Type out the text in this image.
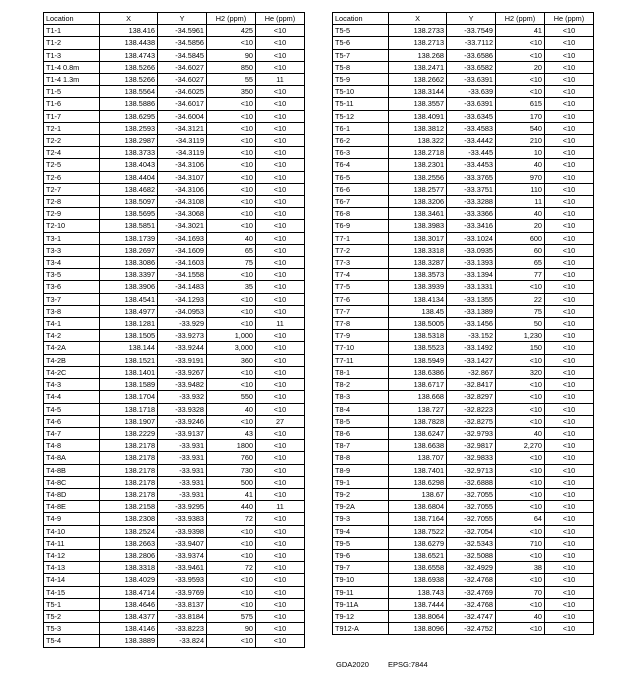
Location	X	Y	H2 (ppm)	He (ppm)
T1-1	138.416	-34.5961	425	<10
T1-2	138.4438	-34.5856	<10	<10
T1-3	138.4743	-34.5845	90	<10
T1-4 0.8m	138.5266	-34.6027	850	<10
T1-4 1.3m	138.5266	-34.6027	55	11
T1-5	138.5564	-34.6025	350	<10
T1-6	138.5886	-34.6017	<10	<10
T1-7	138.6295	-34.6004	<10	<10
T2-1	138.2593	-34.3121	<10	<10
T2-2	138.2987	-34.3119	<10	<10
T2-4	138.3733	-34.3119	<10	<10
T2-5	138.4043	-34.3106	<10	<10
T2-6	138.4404	-34.3107	<10	<10
T2-7	138.4682	-34.3106	<10	<10
T2-8	138.5097	-34.3108	<10	<10
T2-9	138.5695	-34.3068	<10	<10
T2-10	138.5851	-34.3021	<10	<10
T3-1	138.1739	-34.1693	40	<10
T3-3	138.2697	-34.1609	65	<10
T3-4	138.3086	-34.1603	75	<10
T3-5	138.3397	-34.1558	<10	<10
T3-6	138.3906	-34.1483	35	<10
T3-7	138.4541	-34.1293	<10	<10
T3-8	138.4977	-34.0953	<10	<10
T4-1	138.1281	-33.929	<10	11
T4-2	138.1505	-33.9273	1,000	<10
T4-2A	138.144	-33.9244	3,000	<10
T4-2B	138.1521	-33.9191	360	<10
T4-2C	138.1401	-33.9267	<10	<10
T4-3	138.1589	-33.9482	<10	<10
T4-4	138.1704	-33.932	550	<10
T4-5	138.1718	-33.9328	40	<10
T4-6	138.1907	-33.9246	<10	27
T4-7	138.2229	-33.9137	43	<10
T4-8	138.2178	-33.931	1800	<10
T4-8A	138.2178	-33.931	760	<10
T4-8B	138.2178	-33.931	730	<10
T4-8C	138.2178	-33.931	500	<10
T4-8D	138.2178	-33.931	41	<10
T4-8E	138.2158	-33.9295	440	11
T4-9	138.2308	-33.9383	72	<10
T4-10	138.2524	-33.9398	<10	<10
T4-11	138.2663	-33.9407	<10	<10
T4-12	138.2806	-33.9374	<10	<10
T4-13	138.3318	-33.9461	72	<10
T4-14	138.4029	-33.9593	<10	<10
T4-15	138.4714	-33.9769	<10	<10
T5-1	138.4646	-33.8137	<10	<10
T5-2	138.4377	-33.8184	575	<10
T5-3	138.4146	-33.8223	90	<10
T5-4	138.3889	-33.824	<10	<10
Location	X	Y	H2 (ppm)	He (ppm)
T5-5	138.2733	-33.7549	41	<10
T5-6	138.2713	-33.7112	<10	<10
T5-7	138.268	-33.6586	<10	<10
T5-8	138.2471	-33.6582	20	<10
T5-9	138.2662	-33.6391	<10	<10
T5-10	138.3144	-33.639	<10	<10
T5-11	138.3557	-33.6391	615	<10
T5-12	138.4091	-33.6345	170	<10
T6-1	138.3812	-33.4583	540	<10
T6-2	138.322	-33.4442	210	<10
T6-3	138.2718	-33.445	10	<10
T6-4	138.2301	-33.4453	40	<10
T6-5	138.2556	-33.3765	970	<10
T6-6	138.2577	-33.3751	110	<10
T6-7	138.3206	-33.3288	11	<10
T6-8	138.3461	-33.3366	40	<10
T6-9	138.3983	-33.3416	20	<10
T7-1	138.3017	-33.1024	600	<10
T7-2	138.3318	-33.0935	60	<10
T7-3	138.3287	-33.1393	65	<10
T7-4	138.3573	-33.1394	77	<10
T7-5	138.3939	-33.1331	<10	<10
T7-6	138.4134	-33.1355	22	<10
T7-7	138.45	-33.1389	75	<10
T7-8	138.5005	-33.1456	50	<10
T7-9	138.5318	-33.152	1,230	<10
T7-10	138.5523	-33.1492	150	<10
T7-11	138.5949	-33.1427	<10	<10
T8-1	138.6386	-32.867	320	<10
T8-2	138.6717	-32.8417	<10	<10
T8-3	138.668	-32.8297	<10	<10
T8-4	138.727	-32.8223	<10	<10
T8-5	138.7828	-32.8275	<10	<10
T8-6	138.6247	-32.9793	40	<10
T8-7	138.6638	-32.9817	2,270	<10
T8-8	138.707	-32.9833	<10	<10
T8-9	138.7401	-32.9713	<10	<10
T9-1	138.6298	-32.6888	<10	<10
T9-2	138.67	-32.7055	<10	<10
T9-2A	138.6804	-32.7055	<10	<10
T9-3	138.7164	-32.7055	64	<10
T9-4	138.7522	-32.7054	<10	<10
T9-5	138.6279	-32.5343	710	<10
T9-6	138.6521	-32.5088	<10	<10
T9-7	138.6558	-32.4929	38	<10
T9-10	138.6938	-32.4768	<10	<10
T9-11	138.743	-32.4769	70	<10
T9-11A	138.7444	-32.4768	<10	<10
T9-12	138.8064	-32.4747	40	<10
T912-A	138.8096	-32.4752	<10	<10
GDA2020	EPSG:7844
